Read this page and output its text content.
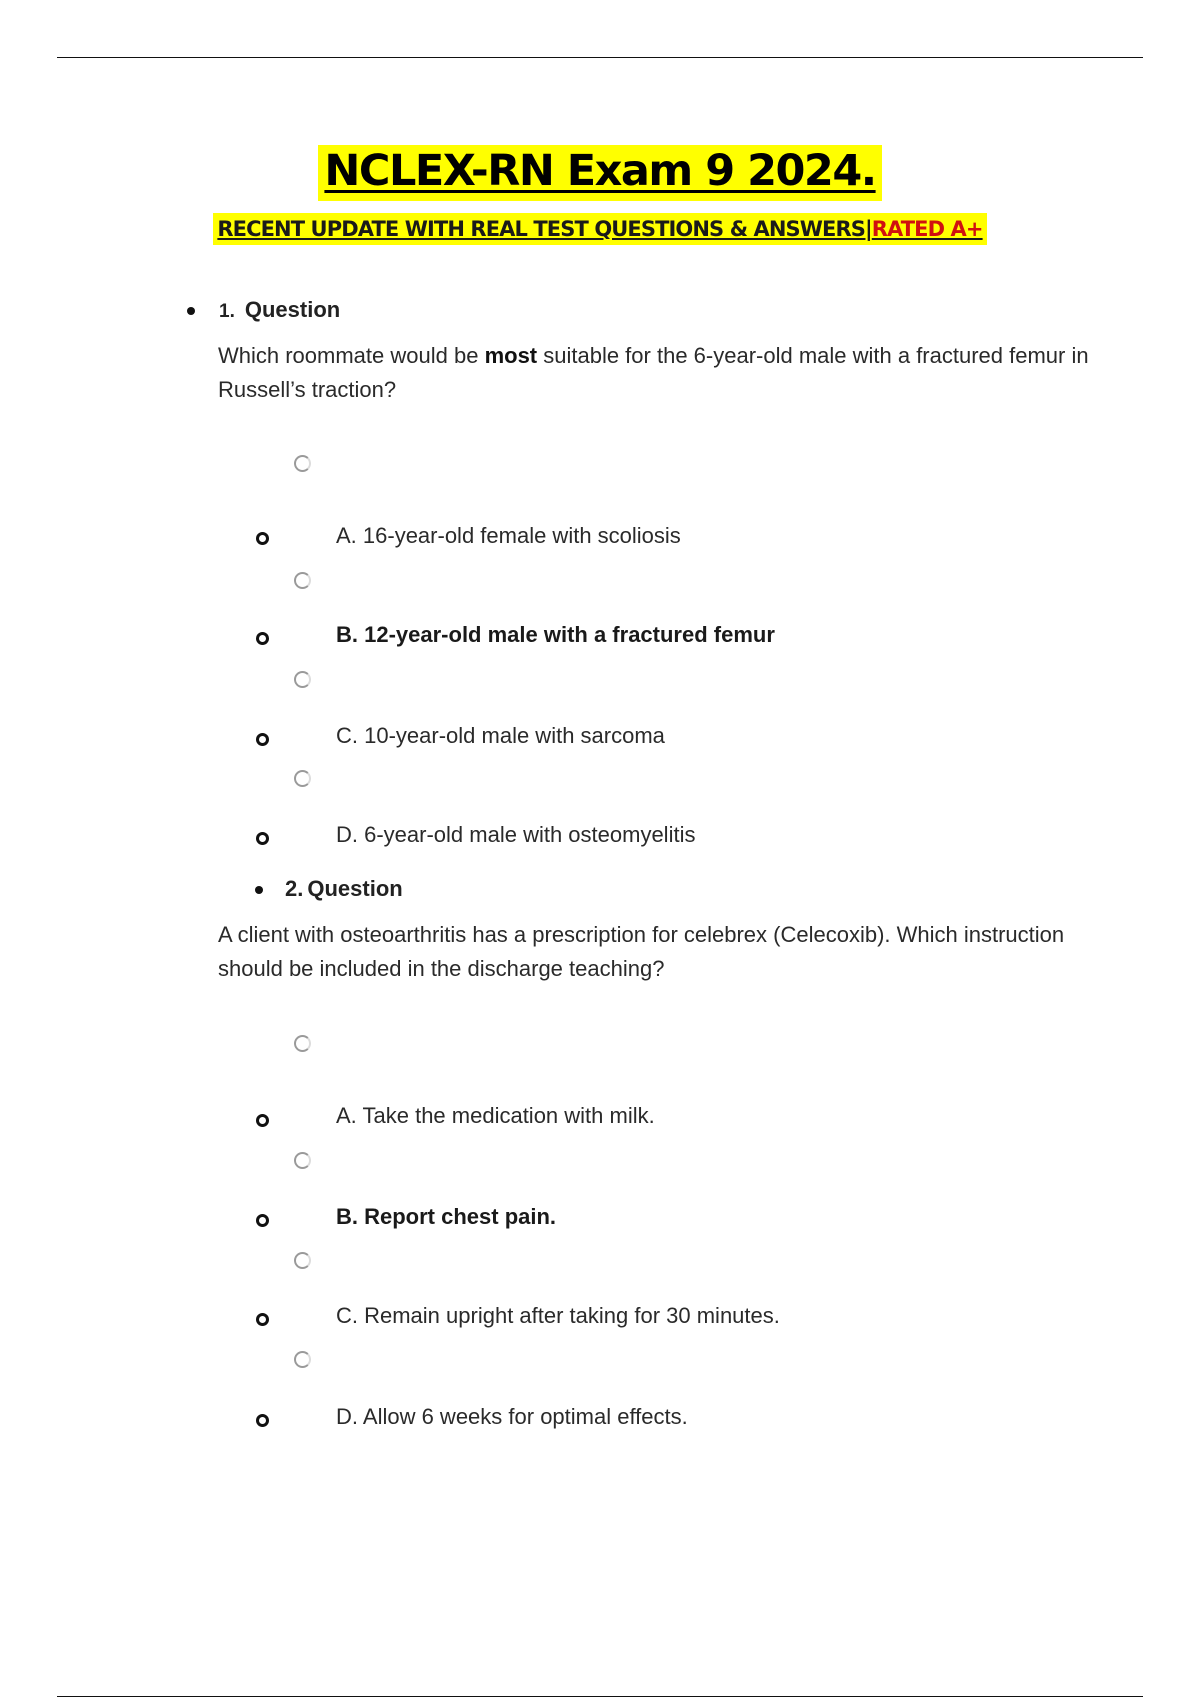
NCLEX-RN Exam 9 2024.
RECENT UPDATE WITH REAL TEST QUESTIONS & ANSWERS|RATED A+
1. Question
Which roommate would be most suitable for the 6-year-old male with a fractured femur in Russell’s traction?
A. 16-year-old female with scoliosis
B. 12-year-old male with a fractured femur
C. 10-year-old male with sarcoma
D. 6-year-old male with osteomyelitis
2. Question
A client with osteoarthritis has a prescription for celebrex (Celecoxib). Which instruction should be included in the discharge teaching?
A. Take the medication with milk.
B. Report chest pain.
C. Remain upright after taking for 30 minutes.
D. Allow 6 weeks for optimal effects.
